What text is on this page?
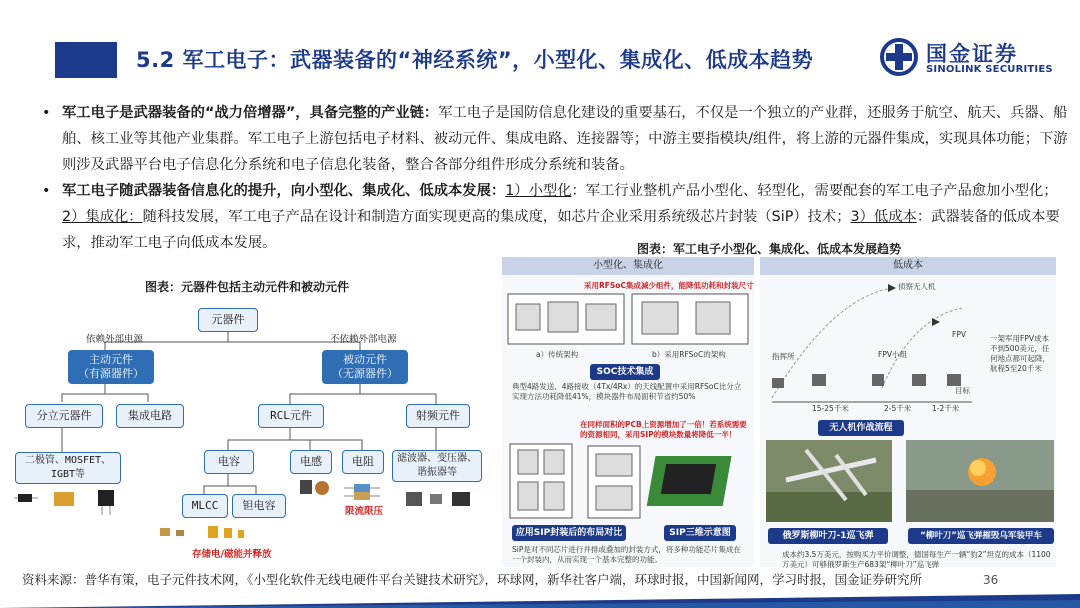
5.2 军工电子：武器装备的“神经系统”，小型化、集成化、低成本趋势	国金证券
SINOLINK SECURITIES
• 军工电子是武器装备的“战力倍增器”，具备完整的产业链：军工电子是国防信息化建设的重要基石，不仅是一个独立的产业群，还服务于航空、航天、兵器、船舶、核工业等其他产业集群。军工电子上游包括电子材料、被动元件、集成电路、连接器等；中游主要指模块/组件，将上游的元器件集成，实现具体功能；下游则涉及武器平台电子信息化分系统和电子信息化装备，整合各部分组件形成分系统和装备。
• 军工电子随武器装备信息化的提升，向小型化、集成化、低成本发展：1）小型化：军工行业整机产品小型化、轻型化，需要配套的军工电子产品愈加小型化；2）集成化：随科技发展，军工电子产品在设计和制造方面实现更高的集成度，如芯片企业采用系统级芯片封装（SiP）技术；3）低成本：武器装备的低成本要求，推动军工电子向低成本发展。
图表：元器件包括主动元件和被动元件
元器件
依赖外部电源	不依赖外部电源
主动元件
（有源器件）
被动元件
（无源器件）
分立元器件	集成电路	RCL元件	射频元件
二极管、MOSFET、IGBT等
电容	电感	电阻	滤波器、变压器、谐振器等
MLCC	钽电容
存储电/磁能并释放
限流限压
图表：军工电子小型化、集成化、低成本发展趋势
小型化、集成化	低成本
采用RFSoC集成减少组件，能降低功耗和封装尺寸
a）传统架构	b）采用RFSoC的架构
SOC技术集成
典型4路发送、4路接收（4Tx/4Rx）的天线配置中采用RFSoC比分立实现方法功耗降低41%，模块器件布局面积节省约50%
在同样面积的PCB上资源增加了一倍！若系统需要的资源相同，采用SIP的模块数量将降低一半！
应用SIP封装后的布局对比	SIP三维示意图
SiP是对不同芯片进行并排或叠加的封装方式，将多种功能芯片集成在一个封装内，从而实现一个基本完整的功能。
侦察无人机
FPV
FPV小组
指挥所
目标
一架军用FPV成本不到500美元，任何地点都可起降，航程5至20千米
15-25千米	2-5千米	1-2千米
无人机作战流程
俄罗斯柳叶刀-1巡飞弹	“柳叶刀”巡飞弹摧毁乌军装甲车
成本约3.5万美元，按购买力平价调整，德国每生产一辆“豹2”坦克的成本（1100万美元）可够俄罗斯生产683架“柳叶刀”巡飞弹
资料来源：普华有策，电子元件技术网，《小型化软件无线电硬件平台关键技术研究》，环球网，新华社客户端，环球时报，中国新闻网，学习时报，国金证券研究所	36
